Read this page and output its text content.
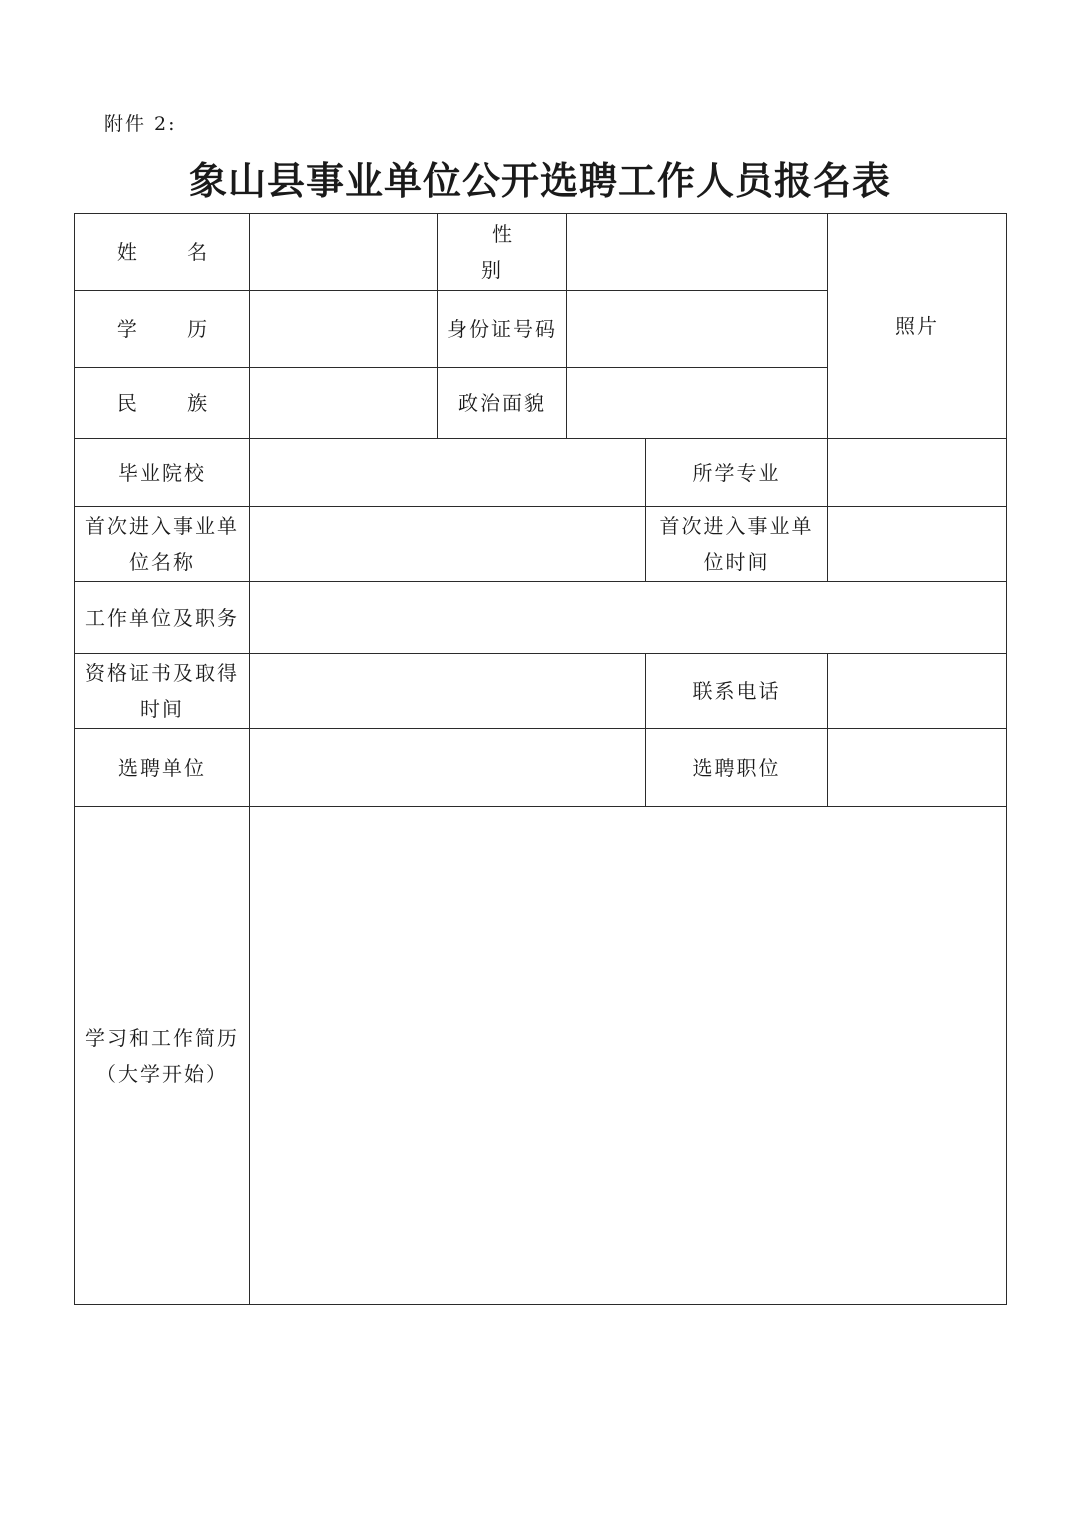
附件 2:
象山县事业单位公开选聘工作人员报名表
姓 名		性 别			照片
学 历		身份证号码			
民 族		政治面貌			
毕业院校				所学专业	

首次进入事业单位名称				首次进入事业单位时间	

工作单位及职务					

资格证书及取得时间				联系电话	
选聘单位				选聘职位	

学习和工作简历（大学开始）					
